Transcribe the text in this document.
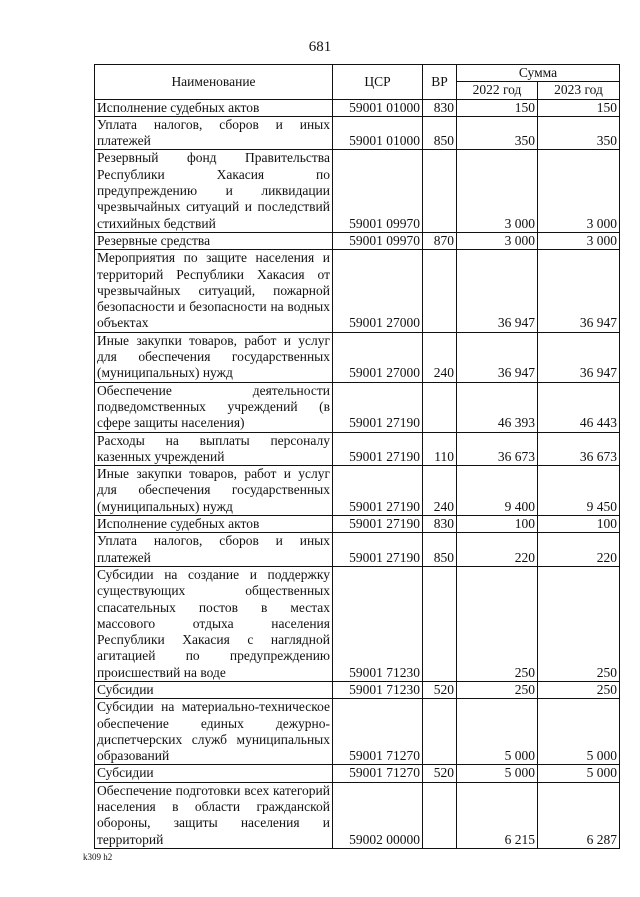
681
Наименование	ЦСР	ВР	Сумма	
			2022 год	2023 год
Исполнение судебных актов	59001 01000	830	150	150
Уплата налогов, сборов и иных платежей	59001 01000	850	350	350
Резервный фонд Правительства Республики Хакасия по предупреждению и ликвидации чрезвычайных ситуаций и последствий стихийных бедствий	59001 09970		3 000	3 000
Резервные средства	59001 09970	870	3 000	3 000
Мероприятия по защите населения и территорий Республики Хакасия от чрезвычайных ситуаций, пожарной безопасности и безопасности на водных объектах	59001 27000		36 947	36 947
Иные закупки товаров, работ и услуг для обеспечения государственных (муниципальных) нужд	59001 27000	240	36 947	36 947
Обеспечение деятельности подведомственных учреждений (в сфере защиты населения)	59001 27190		46 393	46 443
Расходы на выплаты персоналу казенных учреждений	59001 27190	110	36 673	36 673
Иные закупки товаров, работ и услуг для обеспечения государственных (муниципальных) нужд	59001 27190	240	9 400	9 450
Исполнение судебных актов	59001 27190	830	100	100
Уплата налогов, сборов и иных платежей	59001 27190	850	220	220
Субсидии на создание и поддержку существующих общественных спасательных постов в местах массового отдыха населения Республики Хакасия с наглядной агитацией по предупреждению происшествий на воде	59001 71230		250	250
Субсидии	59001 71230	520	250	250
Субсидии на материально-техническое обеспечение единых дежурно-диспетчерских служб муниципальных образований	59001 71270		5 000	5 000
Субсидии	59001 71270	520	5 000	5 000
Обеспечение подготовки всех категорий населения в области гражданской обороны, защиты населения и территорий	59002 00000		6 215	6 287
k309 h2
